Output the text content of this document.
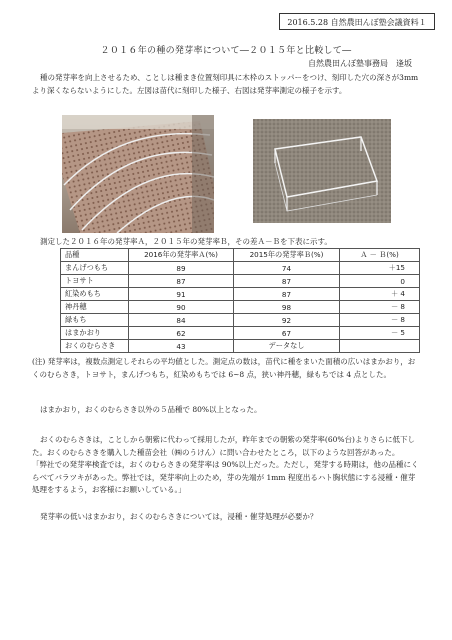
2016.5.28 自然農田んぼ塾会議資料１
２０１６年の種の発芽率について―２０１５年と比較して―
自然農田んぼ塾事務局　逢坂
種の発芽率を向上させるため、ことしは種まき位置刻印具に木枠のストッパーをつけ、刻印した穴の深さが3mm より深くならないようにした。左図は苗代に刻印した様子、右図は発芽率測定の様子を示す。
測定した２０１６年の発芽率Ａ，２０１５年の発芽率Ｂ，その差Ａ－Ｂを下表に示す。
品種	2016年の発芽率Ａ(%)	2015年の発芽率Ｂ(%)	Ａ － Ｂ(%)
まんげつもち	89	74	＋15
トヨサト	87	87	0
紅染めもち	91	87	＋ 4
神丹穂	90	98	－ 8
緑もち	84	92	－ 8
はまかおり	62	67	－ 5
おくのむらさき	43	データなし	
(注) 発芽率は，複数点測定しそれらの平均値とした。測定点の数は，苗代に種をまいた面積の広いはまかおり，おくのむらさき，トヨサト，まんげつもち，紅染めもちでは 6~8 点，狭い神丹穂，緑もちでは 4 点とした。
はまかおり，おくのむらさき以外の５品種で 80%以上となった。
おくのむらさきは，ことしから朝紫に代わって採用したが，昨年までの朝紫の発芽率(60%台)よりさらに低下した。おくのむらさきを購入した種苗会社（㈱のうけん）に問い合わせたところ，以下のような回答があった。
「弊社での発芽率検査では，おくのむらさきの発芽率は 90%以上だった。ただし，発芽する時期は，他の品種にくらべてバラツキがあった。弊社では，発芽率向上のため，芽の先端が 1mm 程度出るハト胸状態にする浸種・催芽処理をするよう，お客様にお願いしている。」
発芽率の低いはまかおり，おくのむらさきについては，浸種・催芽処理が必要か？
